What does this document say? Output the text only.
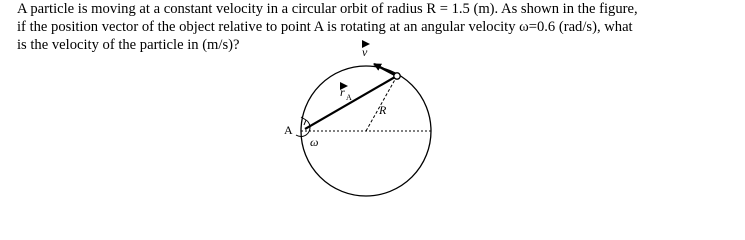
A particle is moving at a constant velocity in a circular orbit of radius R = 1.5 (m). As shown in the figure,
if the position vector of the object relative to point A is rotating at an angular velocity ω=0.6 (rad/s), what
is the velocity of the particle in (m/s)?	v
r A
R
A
ω
